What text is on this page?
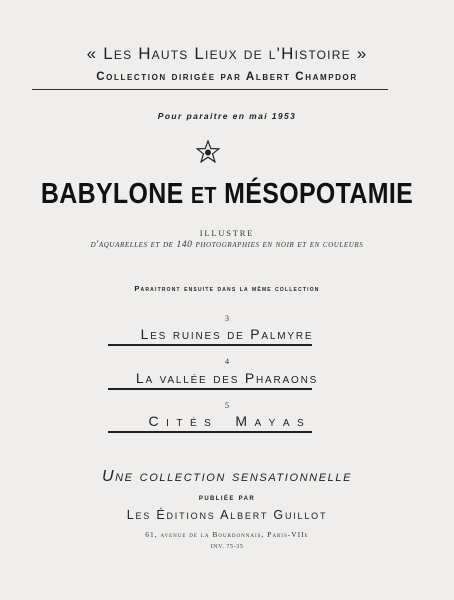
« Les Hauts Lieux de l'Histoire »
Collection dirigée par Albert Champdor
Pour paraitre en mai 1953
BABYLONE ET MÉSOPOTAMIE
ILLUSTRE
d'aquarelles et de 140 photographies en noir et en couleurs
Paraitront ensuite dans la même collection
3
Les ruines de Palmyre
4
La vallée des Pharaons
5
C i t é s    M a y a s
Une collection sensationnelle
publiée par
Les Éditions Albert Guillot
61, avenue de la Bourdonnais, Paris-VIIe
INV. 75-35
